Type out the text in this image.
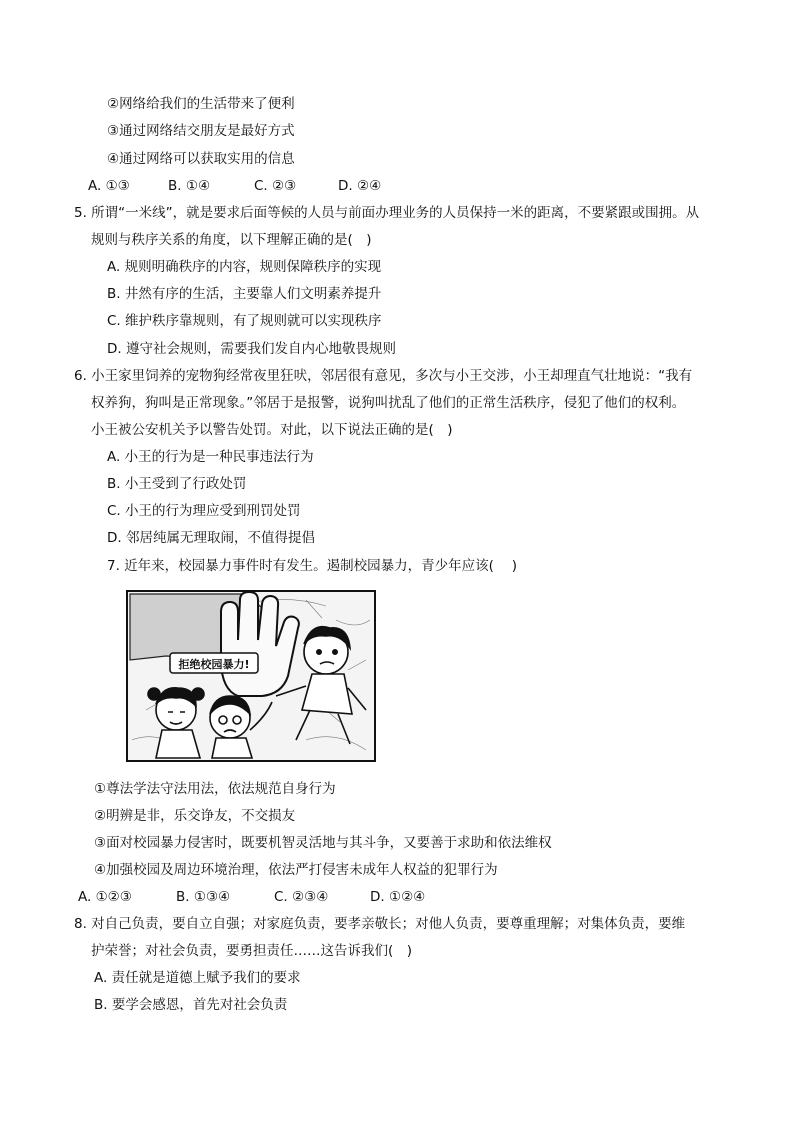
②网络给我们的生活带来了便利
③通过网络结交朋友是最好方式
④通过网络可以获取实用的信息
A. ①③	B. ①④	C. ②③	D. ②④
5. 所谓“一米线”，就是要求后面等候的人员与前面办理业务的人员保持一米的距离，不要紧跟或围拥。从
规则与秩序关系的角度，以下理解正确的是(　)
A. 规则明确秩序的内容，规则保障秩序的实现
B. 井然有序的生活，主要靠人们文明素养提升
C. 维护秩序靠规则，有了规则就可以实现秩序
D. 遵守社会规则，需要我们发自内心地敬畏规则
6. 小王家里饲养的宠物狗经常夜里狂吠，邻居很有意见，多次与小王交涉，小王却理直气壮地说：“我有
权养狗，狗叫是正常现象。”邻居于是报警，说狗叫扰乱了他们的正常生活秩序，侵犯了他们的权利。
小王被公安机关予以警告处罚。对此，以下说法正确的是(　)
A. 小王的行为是一种民事违法行为
B. 小王受到了行政处罚
C. 小王的行为理应受到刑罚处罚
D. 邻居纯属无理取闹，不值得提倡
7. 近年来，校园暴力事件时有发生。遏制校园暴力，青少年应该(　 )
拒绝校园暴力!
①尊法学法守法用法，依法规范自身行为
②明辨是非，乐交诤友，不交损友
③面对校园暴力侵害时，既要机智灵活地与其斗争，又要善于求助和依法维权
④加强校园及周边环境治理，依法严打侵害未成年人权益的犯罪行为
A. ①②③	B. ①③④	C. ②③④	D. ①②④
8. 对自己负责，要自立自强；对家庭负责，要孝亲敬长；对他人负责，要尊重理解；对集体负责，要维
护荣誉；对社会负责，要勇担责任……这告诉我们(　)
A. 责任就是道德上赋予我们的要求
B. 要学会感恩，首先对社会负责
